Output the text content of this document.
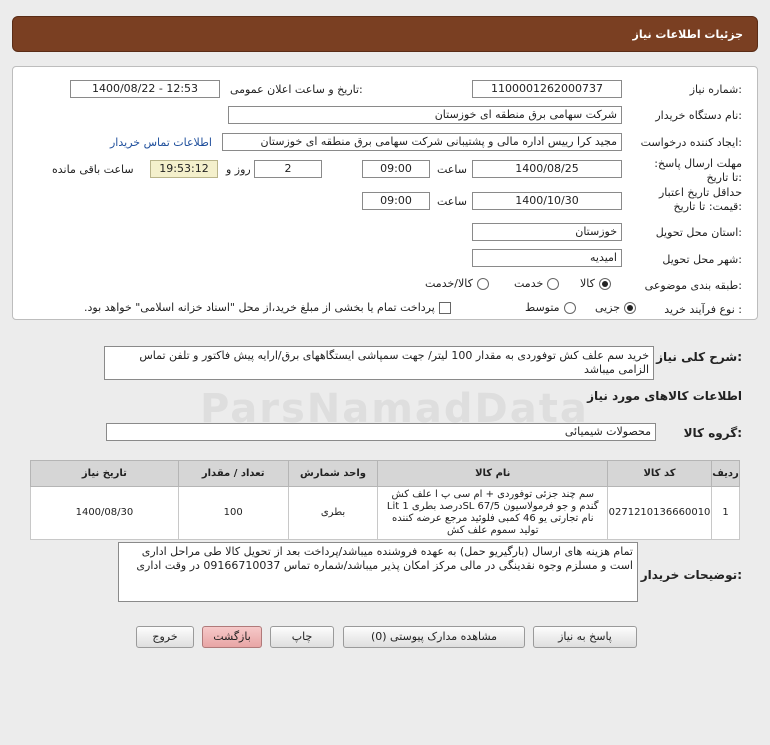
جزئیات اطلاعات نیاز
شماره نیاز:
1100001262000737
تاریخ و ساعت اعلان عمومی:
1400/08/22 - 12:53
نام دستگاه خریدار:
شرکت سهامی برق منطقه ای خوزستان
ایجاد کننده درخواست:
مجید کرا رییس اداره مالی و پشتیبانی شرکت سهامی برق منطقه ای خوزستان
اطلاعات تماس خریدار
مهلت ارسال پاسخ: تا تاریخ:
1400/08/25
ساعت
09:00
2
روز و
19:53:12
ساعت باقی مانده
حداقل تاریخ اعتبار قیمت: تا تاریخ:
1400/10/30
ساعت
09:00
استان محل تحویل:
خوزستان
شهر محل تحویل:
امیدیه
طبقه بندی موضوعی:
کالا
خدمت
کالا/خدمت
نوع فرآیند خرید :
جزیی
متوسط
پرداخت تمام یا بخشی از مبلغ خرید،از محل "اسناد خزانه اسلامی" خواهد بود.
شرح کلی نیاز:
خرید سم علف کش توفوردی به مقدار 100 لیتر/ جهت سمپاشی ایستگاههای برق/ارایه پیش فاکتور و تلفن تماس الزامی میباشد
ParsNamadData
اطلاعات کالاهای مورد نیاز
گروه کالا:
محصولات شیمیائی
ردیف	کد کالا	نام کالا	واحد شمارش	تعداد / مقدار	تاریخ نیاز
1	0271210136660010	سم چند جزئی توفوردی + ام سی پ ا علف کش گندم و جو فرمولاسیون SL 67/5درصد بطری Lit 1 نام تجارتی یو 46 کمبی فلوئید مرجع عرضه کننده تولید سموم علف کش	بطری	100	1400/08/30
توضیحات خریدار:
تمام هزینه های ارسال (بارگیریو حمل) به عهده فروشنده میباشد/پرداخت بعد از تحویل کالا طی مراحل اداری است و مسلزم وجوه نقدینگی در مالی مرکز امکان پذیر میباشد/شماره تماس 09166710037 در وقت اداری
پاسخ به نیاز
مشاهده مدارک پیوستی (0)
چاپ
بازگشت
خروج
